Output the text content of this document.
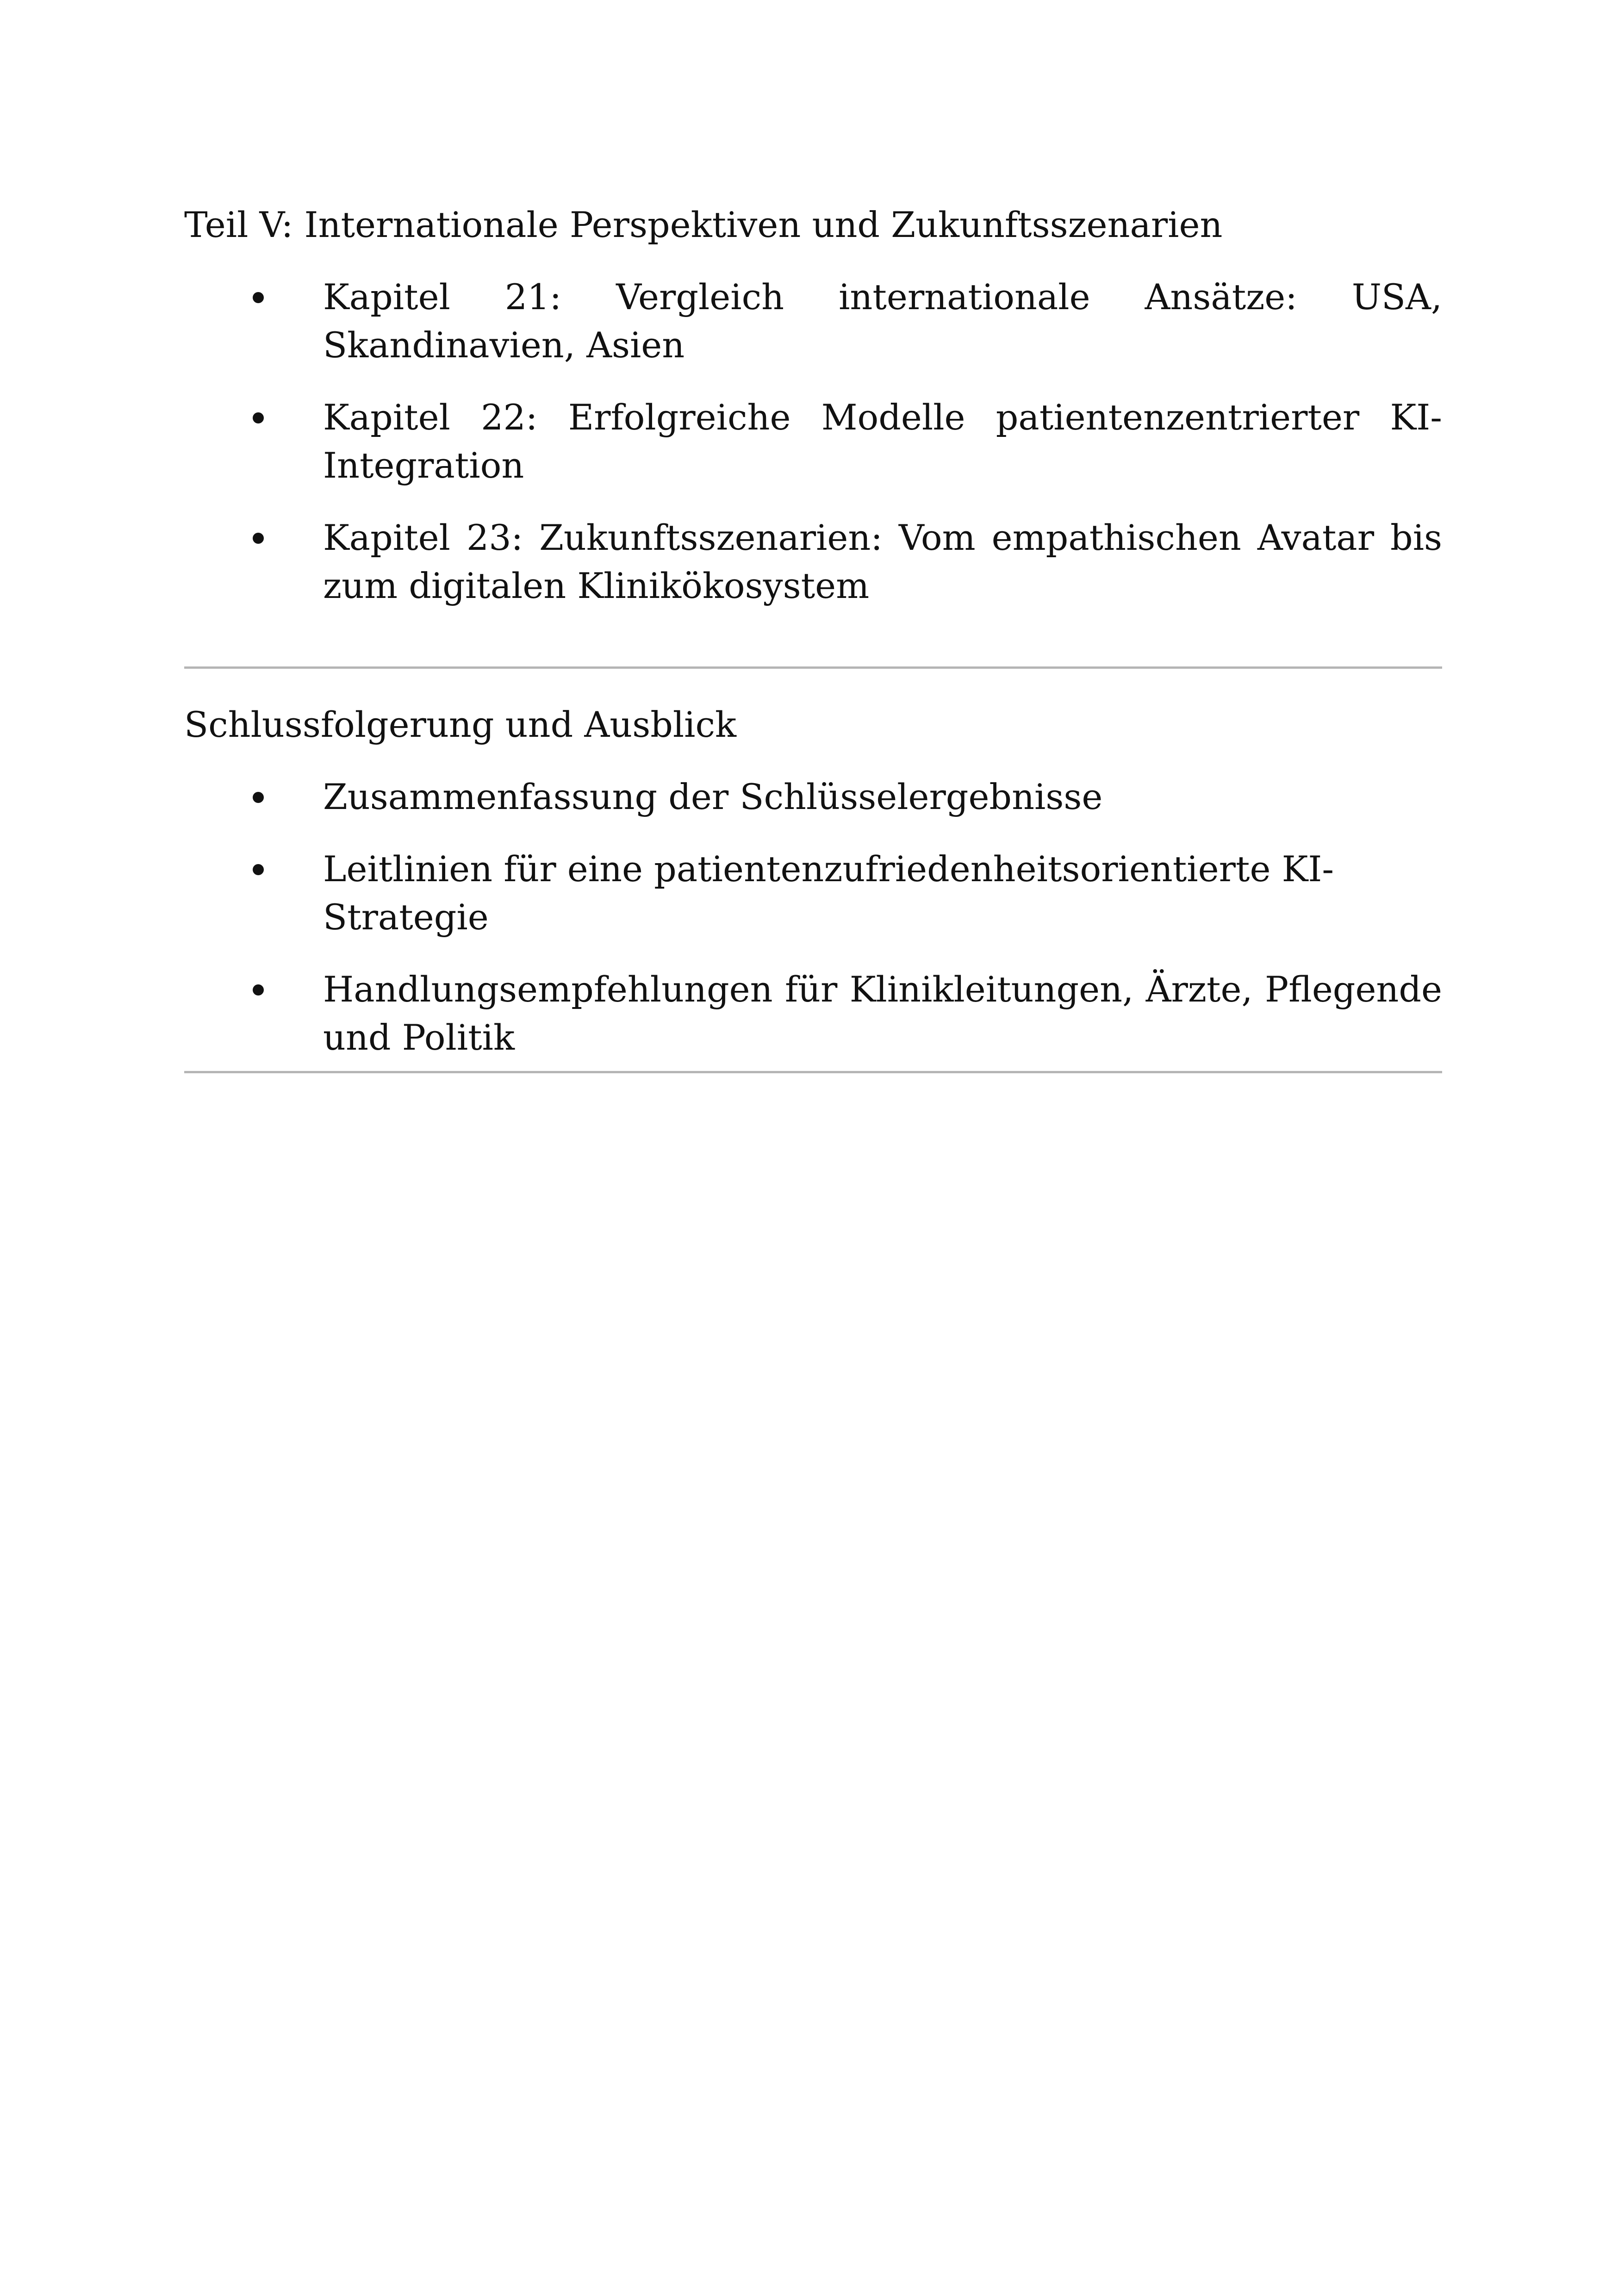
Teil V: Internationale Perspektiven und Zukunftsszenarien
Kapitel 21: Vergleich internationale Ansätze: USA, Skandinavien, Asien
Kapitel 22: Erfolgreiche Modelle patientenzentrierter KI-Integration
Kapitel 23: Zukunftsszenarien: Vom empathischen Avatar bis zum digitalen Klinikökosystem
Schlussfolgerung und Ausblick
Zusammenfassung der Schlüsselergebnisse
Leitlinien für eine patientenzufriedenheitsorientierte KI-Strategie
Handlungsempfehlungen für Klinikleitungen, Ärzte, Pflegende und Politik
